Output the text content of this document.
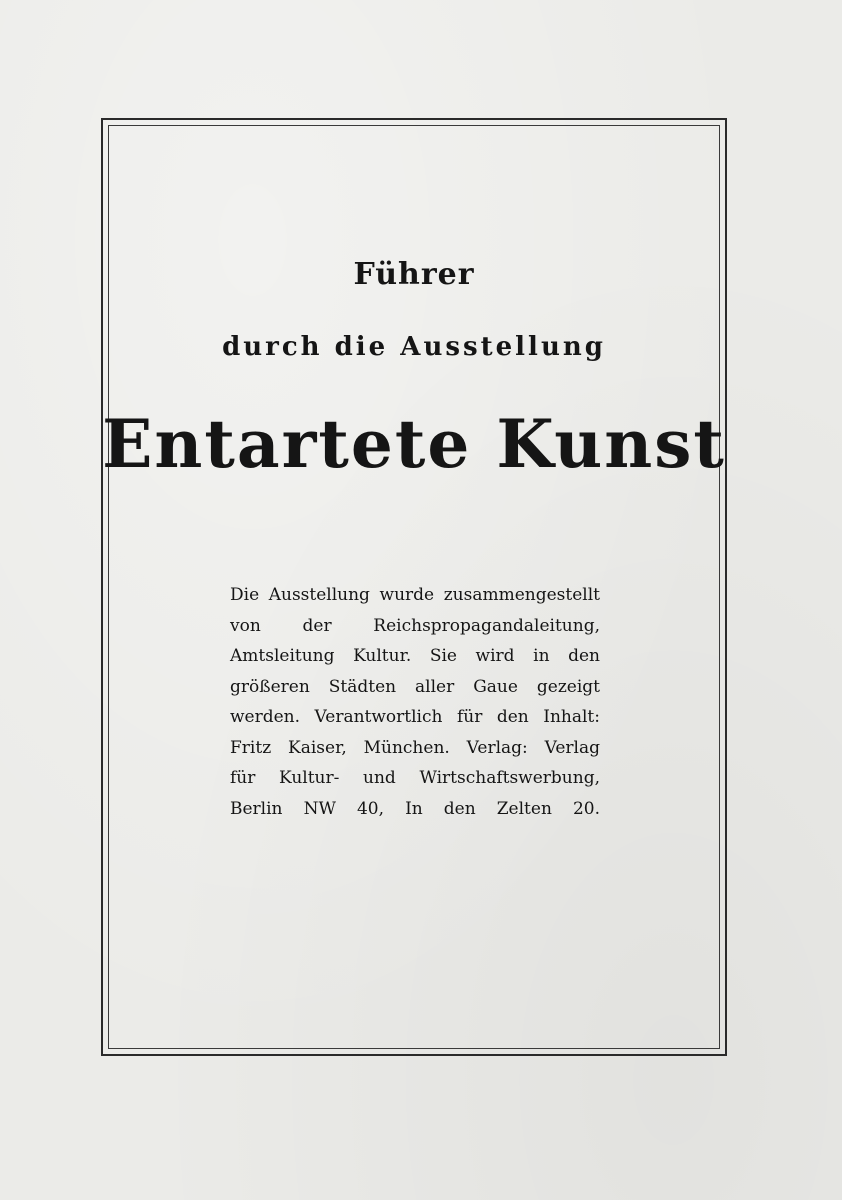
Führer
durch die Ausstellung
Entartete Kunst
Die Ausstellung wurde zusammengestellt
von der Reichspropagandaleitung,
Amtsleitung Kultur. Sie wird in den
größeren Städten aller Gaue gezeigt
werden. Verantwortlich für den Inhalt:
Fritz Kaiser, München. Verlag: Verlag
für Kultur- und Wirtschaftswerbung,
Berlin NW 40, In den Zelten 20.
